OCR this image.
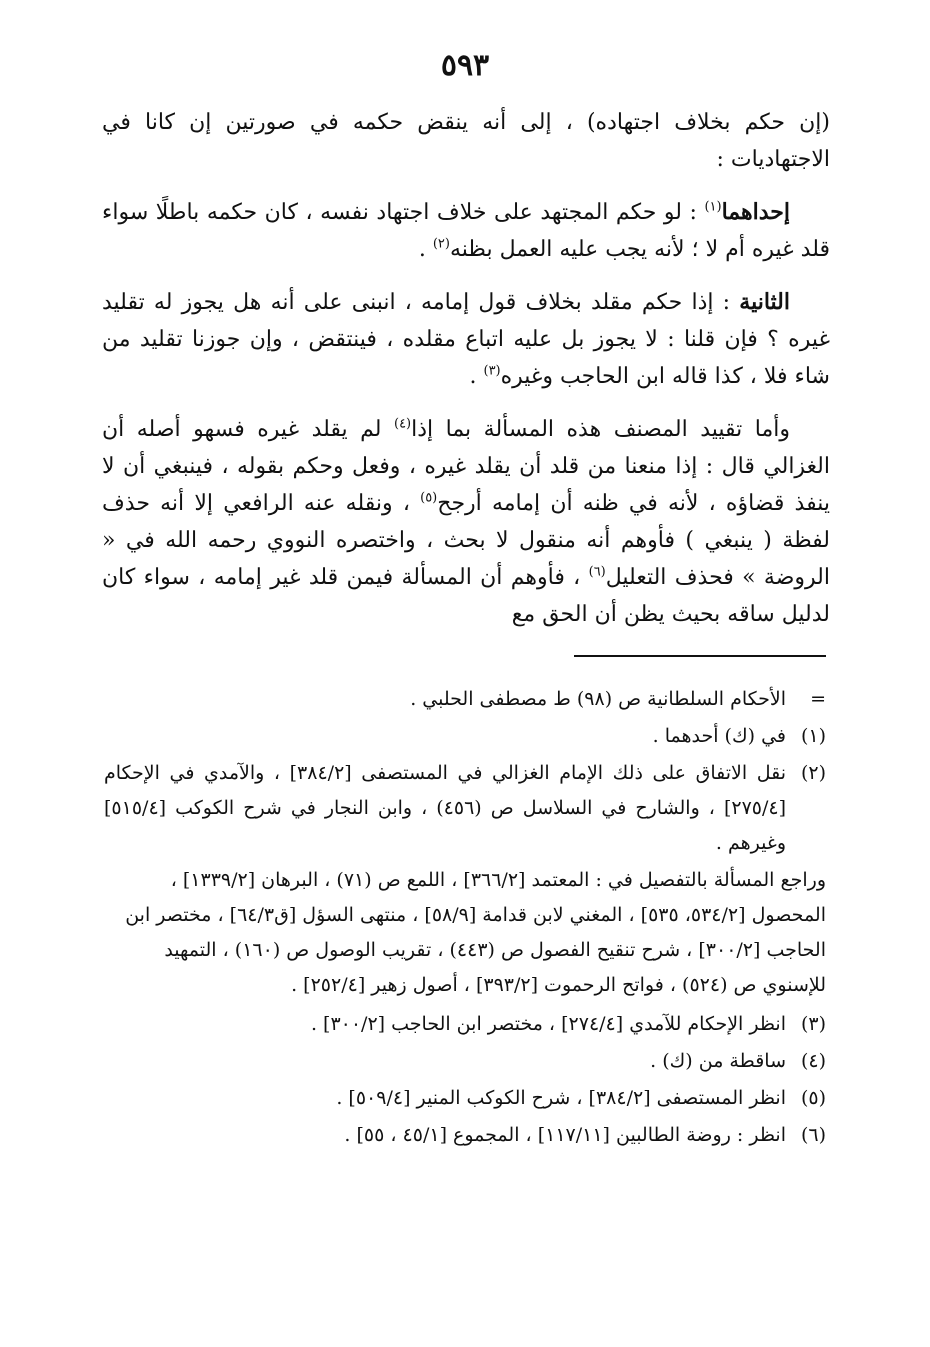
٥٩٣

(إن حكم بخلاف اجتهاده) ، إلى أنه ينقض حكمه في صورتين إن كانا في الاجتهاديات :

إحداهما$^{(١)}$ : لو حكم المجتهد على خلاف اجتهاد نفسه ، كان حكمه باطلًا سواء قلد غيره أم لا ؛ لأنه يجب عليه العمل بظنه$^{(٢)}$ .

الثانية : إذا حكم مقلد بخلاف قول إمامه ، انبنى على أنه هل يجوز له تقليد غيره ؟ فإن قلنا : لا يجوز بل عليه اتباع مقلده ، فينتقض ، وإن جوزنا تقليد من شاء فلا ، كذا قاله ابن الحاجب وغيره$^{(٣)}$ .

وأما تقييد المصنف هذه المسألة بما إذا$^{(٤)}$ لم يقلد غيره فسهو أصله أن الغزالي قال : إذا منعنا من قلد أن يقلد غيره ، وفعل وحكم بقوله ، فينبغي أن لا ينفذ قضاؤه ، لأنه في ظنه أن إمامه أرجح$^{(٥)}$ ، ونقله عنه الرافعي إلا أنه حذف لفظة ( ينبغي ) فأوهم أنه منقول لا بحث ، واختصره النووي رحمه الله في « الروضة » فحذف التعليل$^{(٦)}$ ، فأوهم أن المسألة فيمن قلد غير إمامه ، سواء كان لدليل ساقه بحيث يظن أن الحق مع

=
الأحكام السلطانية ص (٩٨) ط مصطفى الحلبي .
(١)
في (ك) أحدهما .
(٢)
نقل الاتفاق على ذلك الإمام الغزالي في المستصفى [٣٨٤/٢] ، والآمدي في الإحكام [٢٧٥/٤] ، والشارح في السلاسل ص (٤٥٦) ، وابن النجار في شرح الكوكب [٥١٥/٤] وغيرهم .
وراجع المسألة بالتفصيل في : المعتمد [٣٦٦/٢] ، اللمع ص (٧١) ، البرهان [١٣٣٩/٢] ، المحصول [٥٣٤/٢، ٥٣٥] ، المغني لابن قدامة [٥٨/٩] ، منتهى السؤل [ق٦٤/٣] ، مختصر ابن الحاجب [٣٠٠/٢] ، شرح تنقيح الفصول ص (٤٤٣) ، تقريب الوصول ص (١٦٠) ، التمهيد للإسنوي ص (٥٢٤) ، فواتح الرحموت [٣٩٣/٢] ، أصول زهير [٢٥٢/٤] .
(٣)
انظر الإحكام للآمدي [٢٧٤/٤] ، مختصر ابن الحاجب [٣٠٠/٢] .
(٤)
ساقطة من (ك) .
(٥)
انظر المستصفى [٣٨٤/٢] ، شرح الكوكب المنير [٥٠٩/٤] .
(٦)
انظر : روضة الطالبين [١١٧/١١] ، المجموع [٤٥/١ ، ٥٥] .
